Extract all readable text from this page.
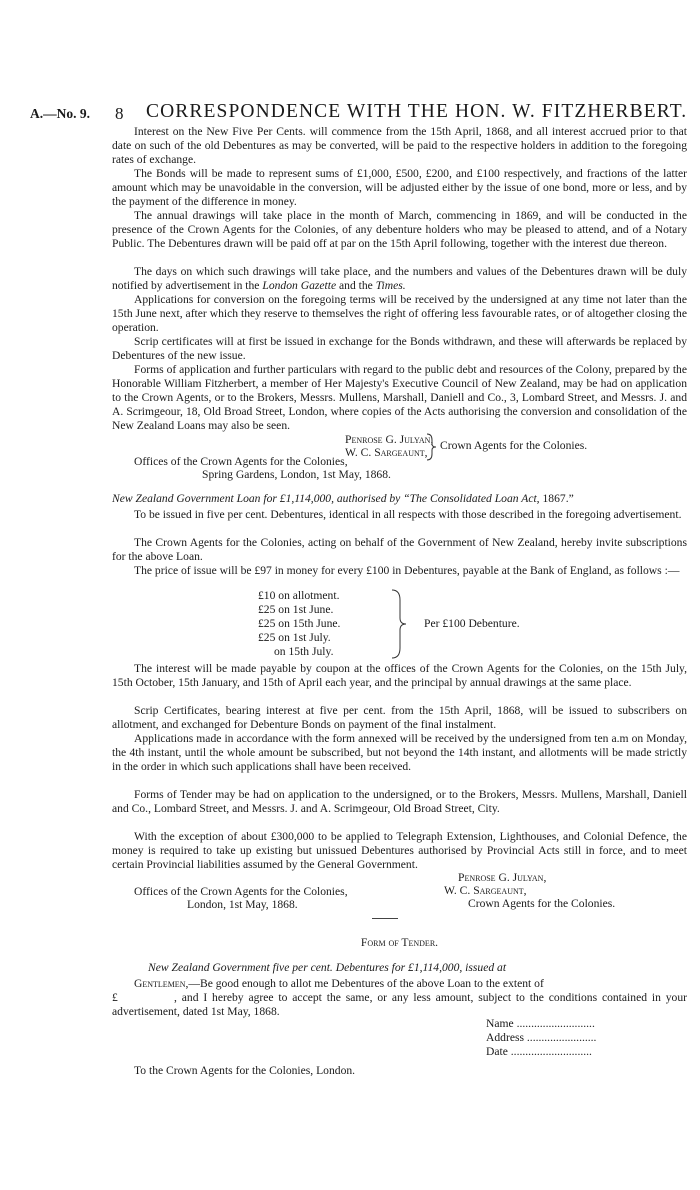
A.—No. 9. 8 CORRESPONDENCE WITH THE HON. W. FITZHERBERT.

Interest on the New Five Per Cents. will commence from the 15th April, 1868, and all interest accrued prior to that date on such of the old Debentures as may be converted, will be paid to the respective holders in addition to the foregoing rates of exchange.

The Bonds will be made to represent sums of £1,000, £500, £200, and £100 respectively, and fractions of the latter amount which may be unavoidable in the conversion, will be adjusted either by the issue of one bond, more or less, and by the payment of the difference in money.

The annual drawings will take place in the month of March, commencing in 1869, and will be conducted in the presence of the Crown Agents for the Colonies, of any debenture holders who may be pleased to attend, and of a Notary Public. The Debentures drawn will be paid off at par on the 15th April following, together with the interest due thereon.

The days on which such drawings will take place, and the numbers and values of the Debentures drawn will be duly notified by advertisement in the London Gazette and the Times.

Applications for conversion on the foregoing terms will be received by the undersigned at any time not later than the 15th June next, after which they reserve to themselves the right of offering less favourable rates, or of altogether closing the operation.

Scrip certificates will at first be issued in exchange for the Bonds withdrawn, and these will afterwards be replaced by Debentures of the new issue.

Forms of application and further particulars with regard to the public debt and resources of the Colony, prepared by the Honorable William Fitzherbert, a member of Her Majesty's Executive Council of New Zealand, may be had on application to the Crown Agents, or to the Brokers, Messrs. Mullens, Marshall, Daniell and Co., 3, Lombard Street, and Messrs. J. and A. Scrimgeour, 18, Old Broad Street, London, where copies of the Acts authorising the conversion and consolidation of the New Zealand Loans may also be seen.

Penrose G. Julyan,
W. C. Sargeaunt,
Crown Agents for the Colonies.
Offices of the Crown Agents for the Colonies,
Spring Gardens, London, 1st May, 1868.
New Zealand Government Loan for £1,114,000, authorised by “The Consolidated Loan Act, 1867.”

To be issued in five per cent. Debentures, identical in all respects with those described in the foregoing advertisement.

The Crown Agents for the Colonies, acting on behalf of the Government of New Zealand, hereby invite subscriptions for the above Loan.

The price of issue will be £97 in money for every £100 in Debentures, payable at the Bank of England, as follows :—

£10 on allotment.
£25 on 1st June.
£25 on 15th June.
£25 on 1st July.
on 15th July.
Per £100 Debenture.

The interest will be made payable by coupon at the offices of the Crown Agents for the Colonies, on the 15th July, 15th October, 15th January, and 15th of April each year, and the principal by annual drawings at the same place.

Scrip Certificates, bearing interest at five per cent. from the 15th April, 1868, will be issued to subscribers on allotment, and exchanged for Debenture Bonds on payment of the final instalment.

Applications made in accordance with the form annexed will be received by the undersigned from ten a.m on Monday, the 4th instant, until the whole amount be subscribed, but not beyond the 14th instant, and allotments will be made strictly in the order in which such applications shall have been received.

Forms of Tender may be had on application to the undersigned, or to the Brokers, Messrs. Mullens, Marshall, Daniell and Co., Lombard Street, and Messrs. J. and A. Scrimgeour, Old Broad Street, City.

With the exception of about £300,000 to be applied to Telegraph Extension, Lighthouses, and Colonial Defence, the money is required to take up existing but unissued Debentures authorised by Provincial Acts still in force, and to meet certain Provincial liabilities assumed by the General Government.

Penrose G. Julyan,
W. C. Sargeaunt,
Offices of the Crown Agents for the Colonies,
Crown Agents for the Colonies.
London, 1st May, 1868.
Form of Tender.
New Zealand Government five per cent. Debentures for £1,114,000, issued at

Gentlemen,—Be good enough to allot me Debentures of the above Loan to the extent of

£	, and I hereby agree to accept the same, or any less amount, subject to the conditions contained in your advertisement, dated 1st May, 1868.

Name ...........................
Address ........................
Date ............................
To the Crown Agents for the Colonies, London.
